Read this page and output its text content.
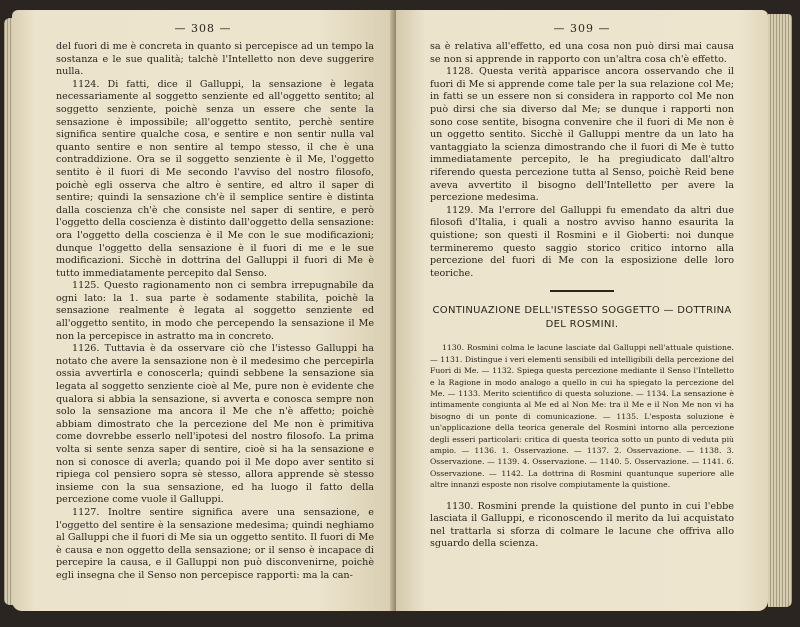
— 308 —

del fuori di me è concreta in quanto si percepisce ad un tempo la sostanza e le sue qualità; talchè l'Intelletto non deve suggerire nulla.

1124. Di fatti, dice il Galluppi, la sensazione è legata necessariamente al soggetto senziente ed all'oggetto sentito; al soggetto senziente, poichè senza un essere che sente la sensazione è impossibile; all'oggetto sentito, perchè sentire significa sentire qualche cosa, e sentire e non sentir nulla val quanto sentire e non sentire al tempo stesso, il che è una contraddizione. Ora se il soggetto senziente è il Me, l'oggetto sentito è il fuori di Me secondo l'avviso del nostro filosofo, poichè egli osserva che altro è sentire, ed altro il saper di sentire; quindi la sensazione ch'è il semplice sentire è distinta dalla coscienza ch'è che consiste nel saper di sentire, e però l'oggetto della coscienza è distinto dall'oggetto della sensazione: ora l'oggetto della coscienza è il Me con le sue modificazioni; dunque l'oggetto della sensazione è il fuori di me e le sue modificazioni. Sicchè in dottrina del Galluppi il fuori di Me è tutto immediatamente percepito dal Senso.

1125. Questo ragionamento non ci sembra irrepugnabile da ogni lato: la 1. sua parte è sodamente stabilita, poichè la sensazione realmente è legata al soggetto senziente ed all'oggetto sentito, in modo che percependo la sensazione il Me non la percepisce in astratto ma in concreto.

1126. Tuttavia è da osservare ciò che l'istesso Galluppi ha notato che avere la sensazione non è il medesimo che percepirla ossia avvertirla e conoscerla; quindi sebbene la sensazione sia legata al soggetto senziente cioè al Me, pure non è evidente che qualora si abbia la sensazione, si avverta e conosca sempre non solo la sensazione ma ancora il Me che n'è affetto; poichè abbiam dimostrato che la percezione del Me non è primitiva come dovrebbe esserlo nell'ipotesi del nostro filosofo. La prima volta si sente senza saper di sentire, cioè si ha la sensazione e non si conosce di averla; quando poi il Me dopo aver sentito si ripiega col pensiero sopra sè stesso, allora apprende sè stesso insieme con la sua sensazione, ed ha luogo il fatto della percezione come vuole il Galluppi.

1127. Inoltre sentire significa avere una sensazione, e l'oggetto del sentire è la sensazione medesima; quindi neghiamo al Galluppi che il fuori di Me sia un oggetto sentito. Il fuori di Me è causa e non oggetto della sensazione; or il senso è incapace di percepire la causa, e il Galluppi non può disconvenirne, poichè egli insegna che il Senso non percepisce rapporti: ma la can-

— 309 —

sa è relativa all'effetto, ed una cosa non può dirsi mai causa se non si apprende in rapporto con un'altra cosa ch'è effetto.

1128. Questa verità apparisce ancora osservando che il fuori di Me si apprende come tale per la sua relazione col Me; in fatti se un essere non si considera in rapporto col Me non può dirsi che sia diverso dal Me; se dunque i rapporti non sono cose sentite, bisogna convenire che il fuori di Me non è un oggetto sentito. Sicchè il Galluppi mentre da un lato ha vantaggiato la scienza dimostrando che il fuori di Me è tutto immediatamente percepito, le ha pregiudicato dall'altro riferendo questa percezione tutta al Senso, poichè Reid bene aveva avvertito il bisogno dell'Intelletto per avere la percezione medesima.

1129. Ma l'errore del Galluppi fu emendato da altri due filosofi d'Italia, i quali a nostro avviso hanno esaurita la quistione; son questi il Rosmini e il Gioberti: noi dunque termineremo questo saggio storico critico intorno alla percezione del fuori di Me con la esposizione delle loro teoriche.

CONTINUAZIONE DELL'ISTESSO SOGGETTO — DOTTRINA DEL ROSMINI.

1130. Rosmini colma le lacune lasciate dal Galluppi nell'attuale quistione. — 1131. Distingue i veri elementi sensibili ed intelligibili della percezione del Fuori di Me. — 1132. Spiega questa percezione mediante il Senso l'Intelletto e la Ragione in modo analogo a quello in cui ha spiegato la percezione del Me. — 1133. Merito scientifico di questa soluzione. — 1134. La sensazione è intimamente congiunta al Me ed al Non Me: tra il Me e il Non Me non vi ha bisogno di un ponte di comunicazione. — 1135. L'esposta soluzione è un'applicazione della teorica generale del Rosmini intorno alla percezione degli esseri particolari: critica di questa teorica sotto un punto di veduta più ampio. — 1136. 1. Osservazione. — 1137. 2. Osservazione. — 1138. 3. Osservazione. — 1139. 4. Osservazione. — 1140. 5. Osservazione. — 1141. 6. Osservazione. — 1142. La dottrina di Rosmini quantunque superiore alle altre innanzi esposte non risolve compiutamente la quistione.

1130. Rosmini prende la quistione del punto in cui l'ebbe lasciata il Galluppi, e riconoscendo il merito da lui acquistato nel trattarla si sforza di colmare le lacune che offriva allo sguardo della scienza.
